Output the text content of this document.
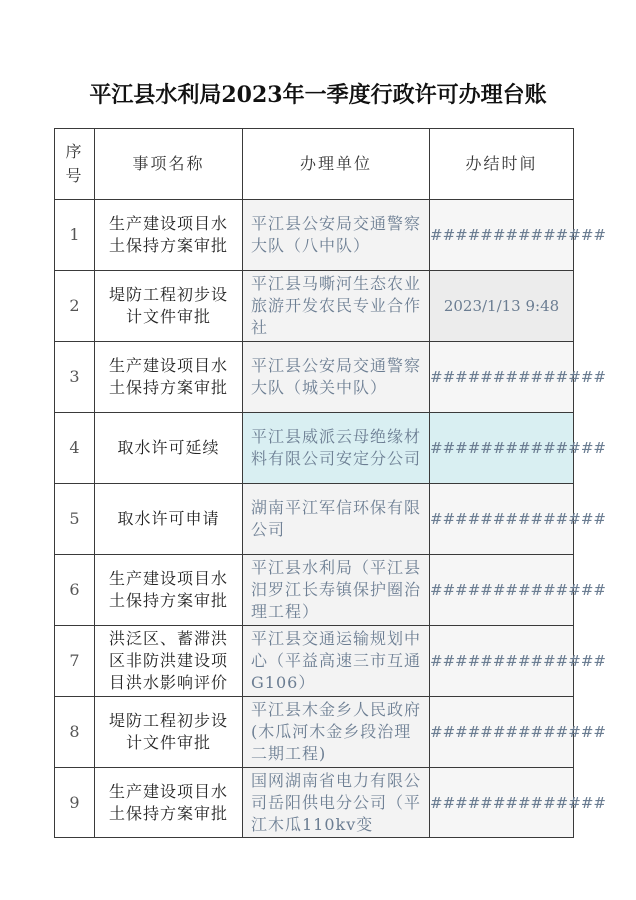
平江县水利局2023年一季度行政许可办理台账
序号	事项名称	办理单位	办结时间
1	生产建设项目水土保持方案审批	平江县公安局交通警察大队（八中队）	##############
2	堤防工程初步设计文件审批	平江县马嘶河生态农业旅游开发农民专业合作社	2023/1/13 9:48
3	生产建设项目水土保持方案审批	平江县公安局交通警察大队（城关中队）	##############
4	取水许可延续	平江县威派云母绝缘材料有限公司安定分公司	##############
5	取水许可申请	湖南平江军信环保有限公司	##############
6	生产建设项目水土保持方案审批	平江县水利局（平江县汨罗江长寿镇保护圈治理工程）	##############
7	洪泛区、蓄滞洪区非防洪建设项目洪水影响评价	平江县交通运输规划中心（平益高速三市互通G106）	##############
8	堤防工程初步设计文件审批	平江县木金乡人民政府(木瓜河木金乡段治理　二期工程)	##############
9	生产建设项目水土保持方案审批	国网湖南省电力有限公司岳阳供电分公司（平江木瓜110kv变	##############
